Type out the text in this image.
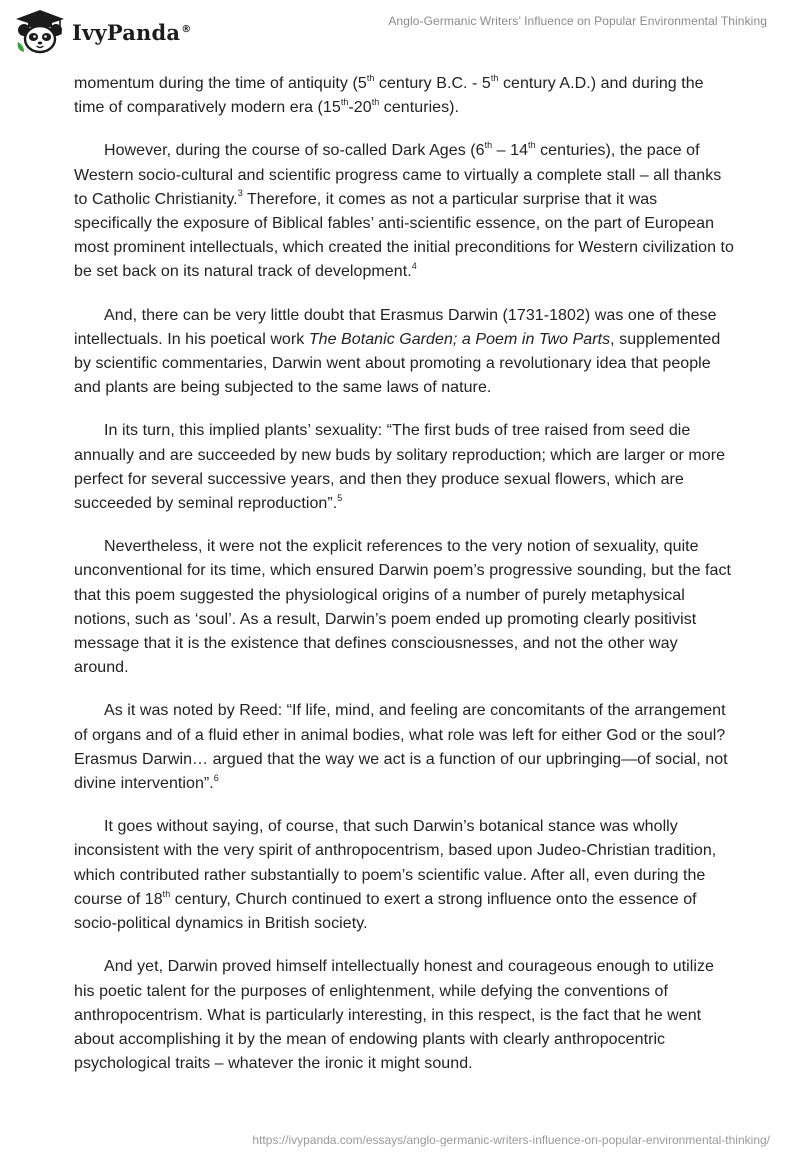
IvyPanda®
Anglo-Germanic Writers’ Influence on Popular Environmental Thinking

momentum during the time of antiquity (5th century B.C. - 5th century A.D.) and during the time of comparatively modern era (15th-20th centuries).

However, during the course of so-called Dark Ages (6th – 14th centuries), the pace of Western socio-cultural and scientific progress came to virtually a complete stall – all thanks to Catholic Christianity.$^3$ Therefore, it comes as not a particular surprise that it was specifically the exposure of Biblical fables’ anti-scientific essence, on the part of European most prominent intellectuals, which created the initial preconditions for Western civilization to be set back on its natural track of development.$^4$

And, there can be very little doubt that Erasmus Darwin (1731-1802) was one of these intellectuals. In his poetical work The Botanic Garden; a Poem in Two Parts, supplemented by scientific commentaries, Darwin went about promoting a revolutionary idea that people and plants are being subjected to the same laws of nature.

In its turn, this implied plants’ sexuality: “The first buds of tree raised from seed die annually and are succeeded by new buds by solitary reproduction; which are larger or more perfect for several successive years, and then they produce sexual flowers, which are succeeded by seminal reproduction”.$^5$

Nevertheless, it were not the explicit references to the very notion of sexuality, quite unconventional for its time, which ensured Darwin poem’s progressive sounding, but the fact that this poem suggested the physiological origins of a number of purely metaphysical notions, such as ‘soul’. As a result, Darwin’s poem ended up promoting clearly positivist message that it is the existence that defines consciousnesses, and not the other way around.

As it was noted by Reed: “If life, mind, and feeling are concomitants of the arrangement of organs and of a fluid ether in animal bodies, what role was left for either God or the soul? Erasmus Darwin… argued that the way we act is a function of our upbringing—of social, not divine intervention”.$^6$

It goes without saying, of course, that such Darwin’s botanical stance was wholly inconsistent with the very spirit of anthropocentrism, based upon Judeo-Christian tradition, which contributed rather substantially to poem’s scientific value. After all, even during the course of 18th century, Church continued to exert a strong influence onto the essence of socio-political dynamics in British society.

And yet, Darwin proved himself intellectually honest and courageous enough to utilize his poetic talent for the purposes of enlightenment, while defying the conventions of anthropocentrism. What is particularly interesting, in this respect, is the fact that he went about accomplishing it by the mean of endowing plants with clearly anthropocentric psychological traits – whatever the ironic it might sound.

https://ivypanda.com/essays/anglo-germanic-writers-influence-on-popular-environmental-thinking/
